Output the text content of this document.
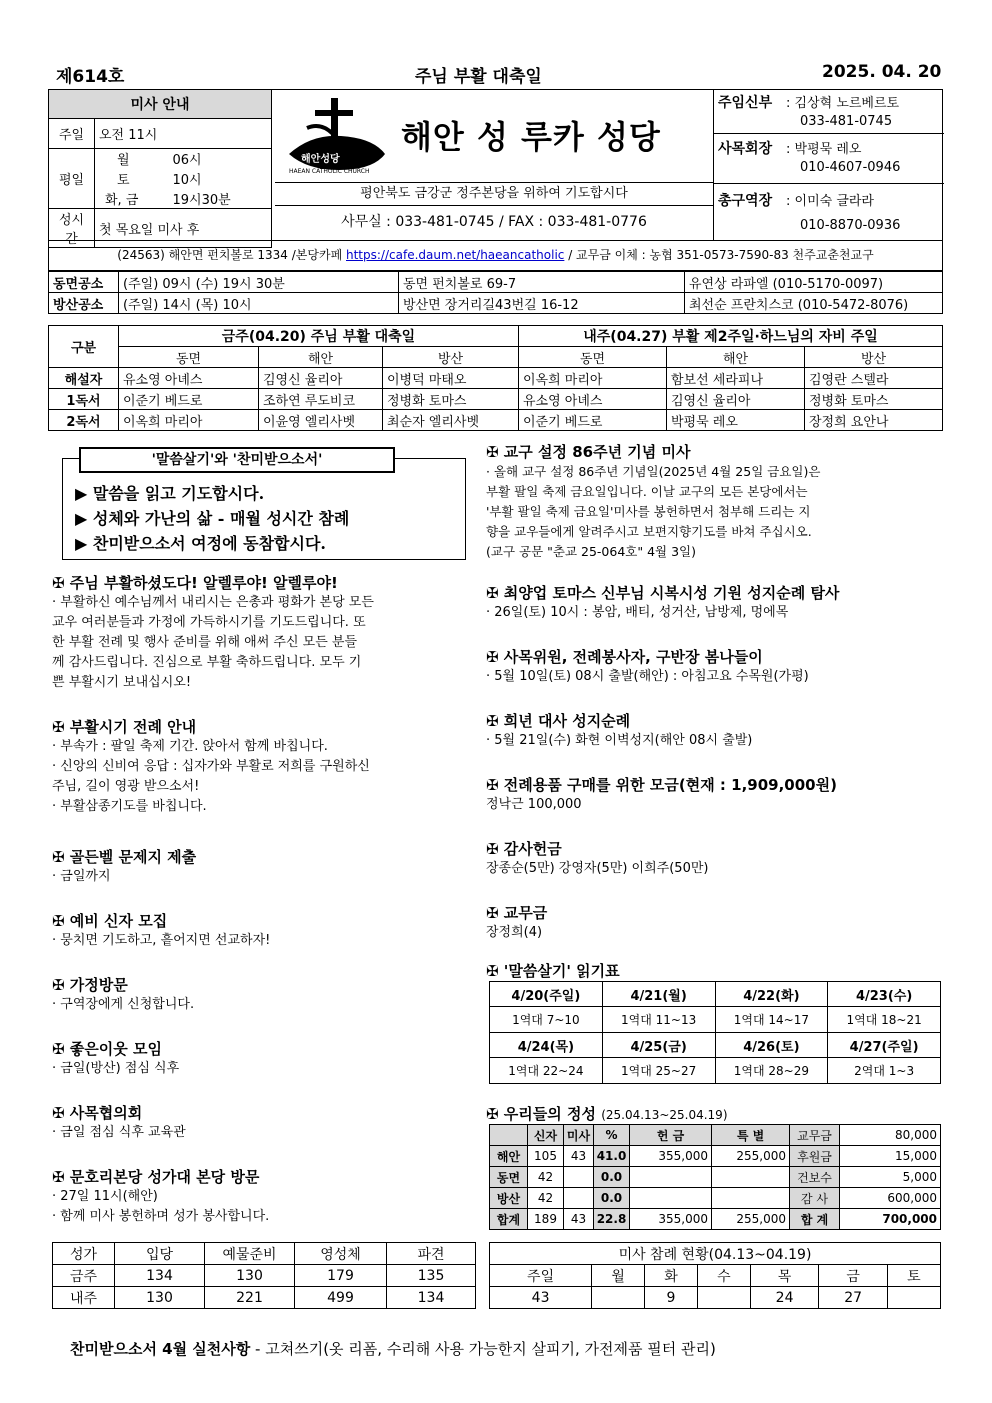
제614호	주님 부활 대축일	2025. 04. 20
미사 안내		
주일	오전 11시	
평일	월	06시
	토	10시
	화, 금	19시30분
성시간	첫 목요일 미사 후	
해안성당
HAEAN CATHOLIC CHURCH
해안 성 루카 성당
평안북도 금강군 정주본당을 위하여 기도합시다
사무실 : 033-481-0745 / FAX : 033-481-0776
주임신부 : 김상혁 노르베르토
033-481-0745
사목회장 : 박평묵 레오
010-4607-0946
총구역장 : 이미숙 글라라
010-8870-0936
(24563) 해안면 펀치볼로 1334 /본당카페 https://cafe.daum.net/haeancatholic / 교무금 이체 : 농협 351-0573-7590-83 천주교춘천교구
동면공소	(주일) 09시 (수) 19시 30분	동면 펀치볼로 69-7	유연상 라파엘 (010-5170-0097)
방산공소	(주일) 14시 (목) 10시	방산면 장거리길43번길 16-12	최선순 프란치스코 (010-5472-8076)
구분	금주(04.20) 주님 부활 대축일			내주(04.27) 부활 제2주일·하느님의 자비 주일		
	동면	해안	방산	동면	해안	방산
해설자	유소영 아녜스	김영신 율리아	이병덕 마태오	이옥희 마리아	함보선 세라피나	김영란 스텔라
1독서	이준기 베드로	조하연 루도비코	정병화 토마스	유소영 아녜스	김영신 율리아	정병화 토마스
2독서	이옥희 마리아	이윤영 엘리사벳	최순자 엘리사벳	이준기 베드로	박평묵 레오	장정희 요안나
'말씀살기'와 '찬미받으소서'
▶ 말씀을 읽고 기도합시다.
▶ 성체와 가난의 삶 - 매월 성시간 참례
▶ 찬미받으소서 여정에 동참합시다.
✠ 주님 부활하셨도다! 알렐루야! 알렐루야!
· 부활하신 예수님께서 내리시는 은총과 평화가 본당 모든
교우 여러분들과 가정에 가득하시기를 기도드립니다. 또
한 부활 전례 및 행사 준비를 위해 애써 주신 모든 분들
께 감사드립니다. 진심으로 부활 축하드립니다. 모두 기
쁜 부활시기 보내십시오!
✠ 부활시기 전례 안내
· 부속가 : 팔일 축제 기간. 앉아서 함께 바칩니다.
· 신앙의 신비여 응답 : 십자가와 부활로 저희를 구원하신
주님, 길이 영광 받으소서!
· 부활삼종기도를 바칩니다.
✠ 골든벨 문제지 제출
· 금일까지
✠ 예비 신자 모집
· 뭉치면 기도하고, 흩어지면 선교하자!
✠ 가정방문
· 구역장에게 신청합니다.
✠ 좋은이웃 모임
· 금일(방산) 점심 식후
✠ 사목협의회
· 금일 점심 식후 교육관
✠ 문호리본당 성가대 본당 방문
· 27일 11시(해안)
· 함께 미사 봉헌하며 성가 봉사합니다.
✠ 교구 설정 86주년 기념 미사
· 올해 교구 설정 86주년 기념일(2025년 4월 25일 금요일)은
부활 팔일 축제 금요일입니다. 이날 교구의 모든 본당에서는
'부활 팔일 축제 금요일'미사를 봉헌하면서 첨부해 드리는 지
향을 교우들에게 알려주시고 보편지향기도를 바쳐 주십시오.
(교구 공문 "춘교 25-064호" 4월 3일)
✠ 최양업 토마스 신부님 시복시성 기원 성지순례 탐사
· 26일(토) 10시 : 봉암, 배티, 성거산, 남방제, 멍에목
✠ 사목위원, 전례봉사자, 구반장 봄나들이
· 5월 10일(토) 08시 출발(해안) : 아침고요 수목원(가평)
✠ 희년 대사 성지순례
· 5월 21일(수) 화현 이벽성지(해안 08시 출발)
✠ 전례용품 구매를 위한 모금(현재 : 1,909,000원)
정낙근 100,000
✠ 감사헌금
장종순(5만) 강영자(5만) 이희주(50만)
✠ 교무금
장정희(4)
✠ '말씀살기' 읽기표
4/20(주일)	4/21(월)	4/22(화)	4/23(수)
1역대 7~10	1역대 11~13	1역대 14~17	1역대 18~21
4/24(목)	4/25(금)	4/26(토)	4/27(주일)
1역대 22~24	1역대 25~27	1역대 28~29	2역대 1~3
✠ 우리들의 정성 (25.04.13~25.04.19)
	신자	미사	%	헌 금	특 별	교무금	80,000
해안	105	43	41.0	355,000	255,000	후원금	15,000
동면	42		0.0			건보수	5,000
방산	42		0.0			감 사	600,000
합계	189	43	22.8	355,000	255,000	합 계	700,000
성가	입당	예물준비	영성체	파견
금주	134	130	179	135
내주	130	221	499	134
미사 참례 현황(04.13~04.19)						
주일	월	화	수	목	금	토
43		9		24	27	
찬미받으소서 4월 실천사항 - 고쳐쓰기(옷 리폼, 수리해 사용 가능한지 살피기, 가전제품 필터 관리)
